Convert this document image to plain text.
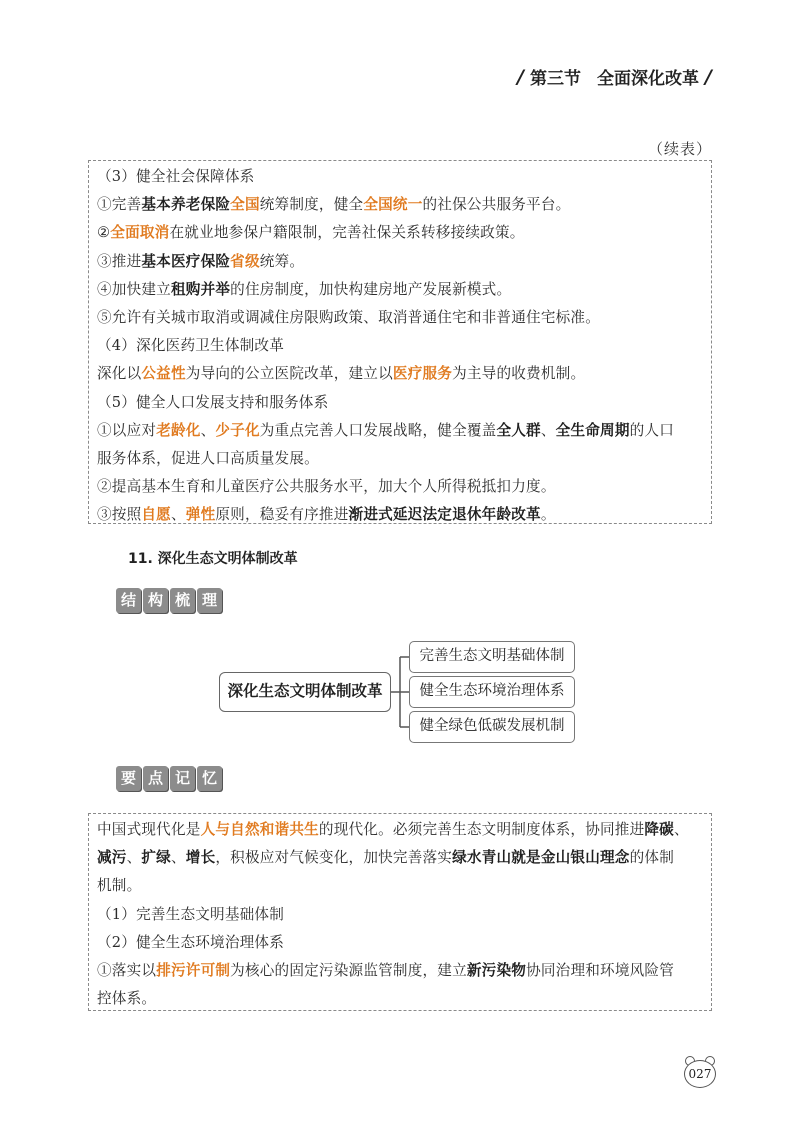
/ 第三节 全面深化改革 /
（续表）
（3）健全社会保障体系
①完善基本养老保险全国统筹制度，健全全国统一的社保公共服务平台。
②全面取消在就业地参保户籍限制，完善社保关系转移接续政策。
③推进基本医疗保险省级统筹。
④加快建立租购并举的住房制度，加快构建房地产发展新模式。
⑤允许有关城市取消或调减住房限购政策、取消普通住宅和非普通住宅标准。
（4）深化医药卫生体制改革
深化以公益性为导向的公立医院改革，建立以医疗服务为主导的收费机制。
（5）健全人口发展支持和服务体系
①以应对老龄化、少子化为重点完善人口发展战略，健全覆盖全人群、全生命周期的人口
服务体系，促进人口高质量发展。
②提高基本生育和儿童医疗公共服务水平，加大个人所得税抵扣力度。
③按照自愿、弹性原则，稳妥有序推进渐进式延迟法定退休年龄改革。
11. 深化生态文明体制改革
结 构 梳 理
深化生态文明体制改革
完善生态文明基础体制
健全生态环境治理体系
健全绿色低碳发展机制
要 点 记 忆
中国式现代化是人与自然和谐共生的现代化。必须完善生态文明制度体系，协同推进降碳、
减污、扩绿、增长，积极应对气候变化，加快完善落实绿水青山就是金山银山理念的体制
机制。
（1）完善生态文明基础体制
（2）健全生态环境治理体系
①落实以排污许可制为核心的固定污染源监管制度，建立新污染物协同治理和环境风险管
控体系。
027
